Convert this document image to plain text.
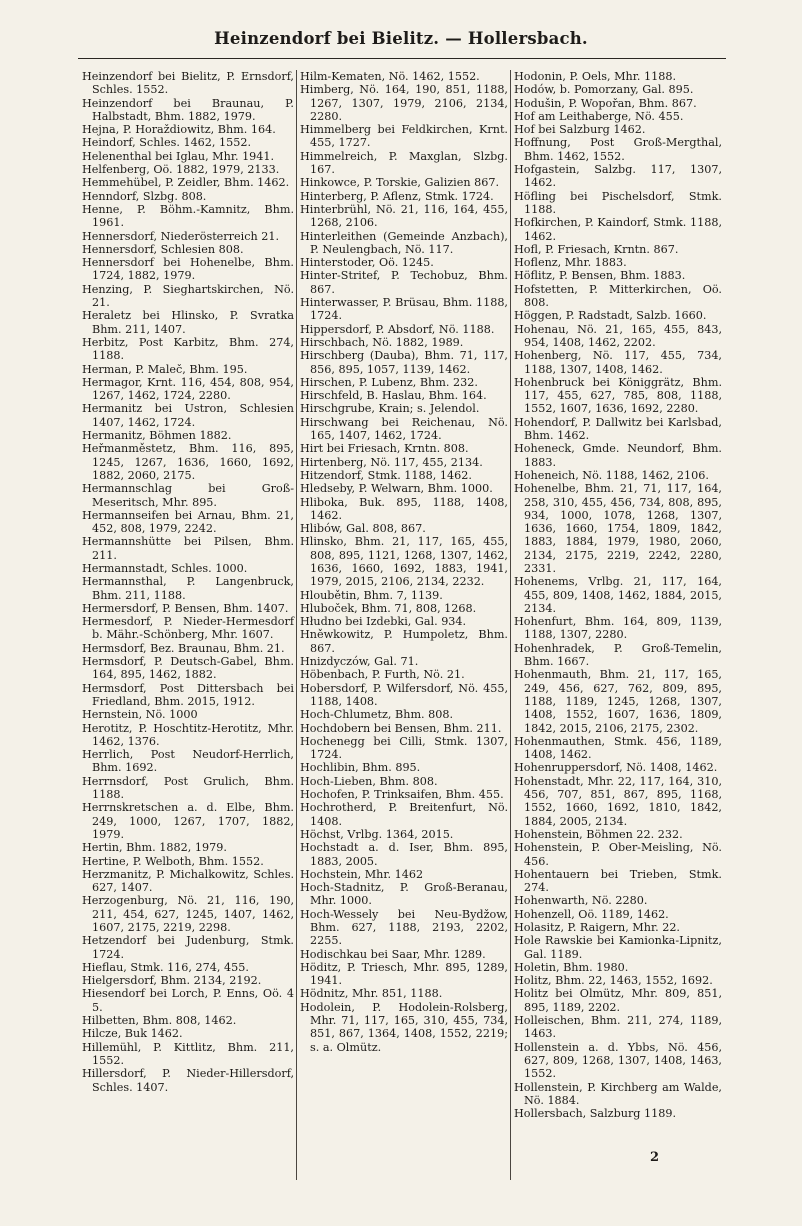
Heinzendorf bei Bielitz. — Hollersbach.
Heinzendorf bei Bielitz, P. Ernsdorf, Schles. 1552.
Heinzendorf bei Braunau, P. Halbstadt, Bhm. 1882, 1979.
Hejna, P. Horaždiowitz, Bhm. 164.
Heindorf, Schles. 1462, 1552.
Helenenthal bei Iglau, Mhr. 1941.
Helfenberg, Oö. 1882, 1979, 2133.
Hemmehübel, P. Zeidler, Bhm. 1462.
Henndorf, Slzbg. 808.
Henne, P. Böhm.-Kamnitz, Bhm. 1961.
Hennersdorf, Niederösterreich 21.
Hennersdorf, Schlesien 808.
Hennersdorf bei Hohenelbe, Bhm. 1724, 1882, 1979.
Henzing, P. Sieghartskirchen, Nö. 21.
Heraletz bei Hlinsko, P. Svratka Bhm. 211, 1407.
Herbitz, Post Karbitz, Bhm. 274, 1188.
Herman, P. Maleč, Bhm. 195.
Hermagor, Krnt. 116, 454, 808, 954, 1267, 1462, 1724, 2280.
Hermanitz bei Ustron, Schlesien 1407, 1462, 1724.
Hermanitz, Böhmen 1882.
Heřmanměstetz, Bhm. 116, 895, 1245, 1267, 1636, 1660, 1692, 1882, 2060, 2175.
Hermannschlag bei Groß-Meseritsch, Mhr. 895.
Hermannseifen bei Arnau, Bhm. 21, 452, 808, 1979, 2242.
Hermannshütte bei Pilsen, Bhm. 211.
Hermannstadt, Schles. 1000.
Hermannsthal, P. Langenbruck, Bhm. 211, 1188.
Hermersdorf, P. Bensen, Bhm. 1407.
Hermesdorf, P. Nieder-Hermesdorf b. Mähr.-Schönberg, Mhr. 1607.
Hermsdorf, Bez. Braunau, Bhm. 21.
Hermsdorf, P. Deutsch-Gabel, Bhm. 164, 895, 1462, 1882.
Hermsdorf, Post Dittersbach bei Friedland, Bhm. 2015, 1912.
Hernstein, Nö. 1000
Herotitz, P. Hoschtitz-Herotitz, Mhr. 1462, 1376.
Herrlich, Post Neudorf-Herrlich, Bhm. 1692.
Herrnsdorf, Post Grulich, Bhm. 1188.
Herrnskretschen a. d. Elbe, Bhm. 249, 1000, 1267, 1707, 1882, 1979.
Hertin, Bhm. 1882, 1979.
Hertine, P. Welboth, Bhm. 1552.
Herzmanitz, P. Michalkowitz, Schles. 627, 1407.
Herzogenburg, Nö. 21, 116, 190, 211, 454, 627, 1245, 1407, 1462, 1607, 2175, 2219, 2298.
Hetzendorf bei Judenburg, Stmk. 1724.
Hieflau, Stmk. 116, 274, 455.
Hielgersdorf, Bhm. 2134, 2192.
Hiesendorf bei Lorch, P. Enns, Oö. 4 5.
Hilbetten, Bhm. 808, 1462.
Hilcze, Buk 1462.
Hillemühl, P. Kittlitz, Bhm. 211, 1552.
Hillersdorf, P. Nieder-Hillersdorf, Schles. 1407.
Hilm-Kematen, Nö. 1462, 1552.
Himberg, Nö. 164, 190, 851, 1188, 1267, 1307, 1979, 2106, 2134, 2280.
Himmelberg bei Feldkirchen, Krnt. 455, 1727.
Himmelreich, P. Maxglan, Slzbg. 167.
Hinkowce, P. Torskie, Galizien 867.
Hinterberg, P. Aflenz, Stmk. 1724.
Hinterbrühl, Nö. 21, 116, 164, 455, 1268, 2106.
Hinterleithen (Gemeinde Anzbach), P. Neulengbach, Nö. 117.
Hinterstoder, Oö. 1245.
Hinter-Stritef, P. Techobuz, Bhm. 867.
Hinterwasser, P. Brüsau, Bhm. 1188, 1724.
Hippersdorf, P. Absdorf, Nö. 1188.
Hirschbach, Nö. 1882, 1989.
Hirschberg (Dauba), Bhm. 71, 117, 856, 895, 1057, 1139, 1462.
Hirschen, P. Lubenz, Bhm. 232.
Hirschfeld, B. Haslau, Bhm. 164.
Hirschgrube, Krain; s. Jelendol.
Hirschwang bei Reichenau, Nö. 165, 1407, 1462, 1724.
Hirt bei Friesach, Krntn. 808.
Hirtenberg, Nö. 117, 455, 2134.
Hitzendorf, Stmk. 1188, 1462.
Hledseby, P. Welwarn, Bhm. 1000.
Hliboka, Buk. 895, 1188, 1408, 1462.
Hlibów, Gal. 808, 867.
Hlinsko, Bhm. 21, 117, 165, 455, 808, 895, 1121, 1268, 1307, 1462, 1636, 1660, 1692, 1883, 1941, 1979, 2015, 2106, 2134, 2232.
Hloubětin, Bhm. 7, 1139.
Hluboček, Bhm. 71, 808, 1268.
Hłudno bei Izdebki, Gal. 934.
Hněwkowitz, P. Humpoletz, Bhm. 867.
Hnizdyczów, Gal. 71.
Höbenbach, P. Furth, Nö. 21.
Hobersdorf, P. Wilfersdorf, Nö. 455, 1188, 1408.
Hoch-Chlumetz, Bhm. 808.
Hochdobern bei Bensen, Bhm. 211.
Hochenegg bei Cilli, Stmk. 1307, 1724.
Hochlibin, Bhm. 895.
Hoch-Lieben, Bhm. 808.
Hochofen, P. Trinksaifen, Bhm. 455.
Hochrotherd, P. Breitenfurt, Nö. 1408.
Höchst, Vrlbg. 1364, 2015.
Hochstadt a. d. Iser, Bhm. 895, 1883, 2005.
Hochstein, Mhr. 1462
Hoch-Stadnitz, P. Groß-Beranau, Mhr. 1000.
Hoch-Wessely bei Neu-Bydžow, Bhm. 627, 1188, 2193, 2202, 2255.
Hodischkau bei Saar, Mhr. 1289.
Höditz, P. Triesch, Mhr. 895, 1289, 1941.
Hödnitz, Mhr. 851, 1188.
Hodolein, P. Hodolein-Rolsberg, Mhr. 71, 117, 165, 310, 455, 734, 851, 867, 1364, 1408, 1552, 2219; s. a. Olmütz.
Hodonin, P. Oels, Mhr. 1188.
Hodów, b. Pomorzany, Gal. 895.
Hodušin, P. Wopořan, Bhm. 867.
Hof am Leithaberge, Nö. 455.
Hof bei Salzburg 1462.
Hoffnung, Post Groß-Mergthal, Bhm. 1462, 1552.
Hofgastein, Salzbg. 117, 1307, 1462.
Höfling bei Pischelsdorf, Stmk. 1188.
Hofkirchen, P. Kaindorf, Stmk. 1188, 1462.
Hofl, P. Friesach, Krntn. 867.
Hoflenz, Mhr. 1883.
Höflitz, P. Bensen, Bhm. 1883.
Hofstetten, P. Mitterkirchen, Oö. 808.
Höggen, P. Radstadt, Salzb. 1660.
Hohenau, Nö. 21, 165, 455, 843, 954, 1408, 1462, 2202.
Hohenberg, Nö. 117, 455, 734, 1188, 1307, 1408, 1462.
Hohenbruck bei Königgrätz, Bhm. 117, 455, 627, 785, 808, 1188, 1552, 1607, 1636, 1692, 2280.
Hohendorf, P. Dallwitz bei Karlsbad, Bhm. 1462.
Hoheneck, Gmde. Neundorf, Bhm. 1883.
Hoheneich, Nö. 1188, 1462, 2106.
Hohenelbe, Bhm. 21, 71, 117, 164, 258, 310, 455, 456, 734, 808, 895, 934, 1000, 1078, 1268, 1307, 1636, 1660, 1754, 1809, 1842, 1883, 1884, 1979, 1980, 2060, 2134, 2175, 2219, 2242, 2280, 2331.
Hohenems, Vrlbg. 21, 117, 164, 455, 809, 1408, 1462, 1884, 2015, 2134.
Hohenfurt, Bhm. 164, 809, 1139, 1188, 1307, 2280.
Hohenhradek, P. Groß-Temelin, Bhm. 1667.
Hohenmauth, Bhm. 21, 117, 165, 249, 456, 627, 762, 809, 895, 1188, 1189, 1245, 1268, 1307, 1408, 1552, 1607, 1636, 1809, 1842, 2015, 2106, 2175, 2302.
Hohenmauthen, Stmk. 456, 1189, 1408, 1462.
Hohenruppersdorf, Nö. 1408, 1462.
Hohenstadt, Mhr. 22, 117, 164, 310, 456, 707, 851, 867, 895, 1168, 1552, 1660, 1692, 1810, 1842, 1884, 2005, 2134.
Hohenstein, Böhmen 22. 232.
Hohenstein, P. Ober-Meisling, Nö. 456.
Hohentauern bei Trieben, Stmk. 274.
Hohenwarth, Nö. 2280.
Hohenzell, Oö. 1189, 1462.
Holasitz, P. Raigern, Mhr. 22.
Hole Rawskie bei Kamionka-Lipnitz, Gal. 1189.
Holetin, Bhm. 1980.
Holitz, Bhm. 22, 1463, 1552, 1692.
Holitz bei Olmütz, Mhr. 809, 851, 895, 1189, 2202.
Holleischen, Bhm. 211, 274, 1189, 1463.
Hollenstein a. d. Ybbs, Nö. 456, 627, 809, 1268, 1307, 1408, 1463, 1552.
Hollenstein, P. Kirchberg am Walde, Nö. 1884.
Hollersbach, Salzburg 1189.
2
